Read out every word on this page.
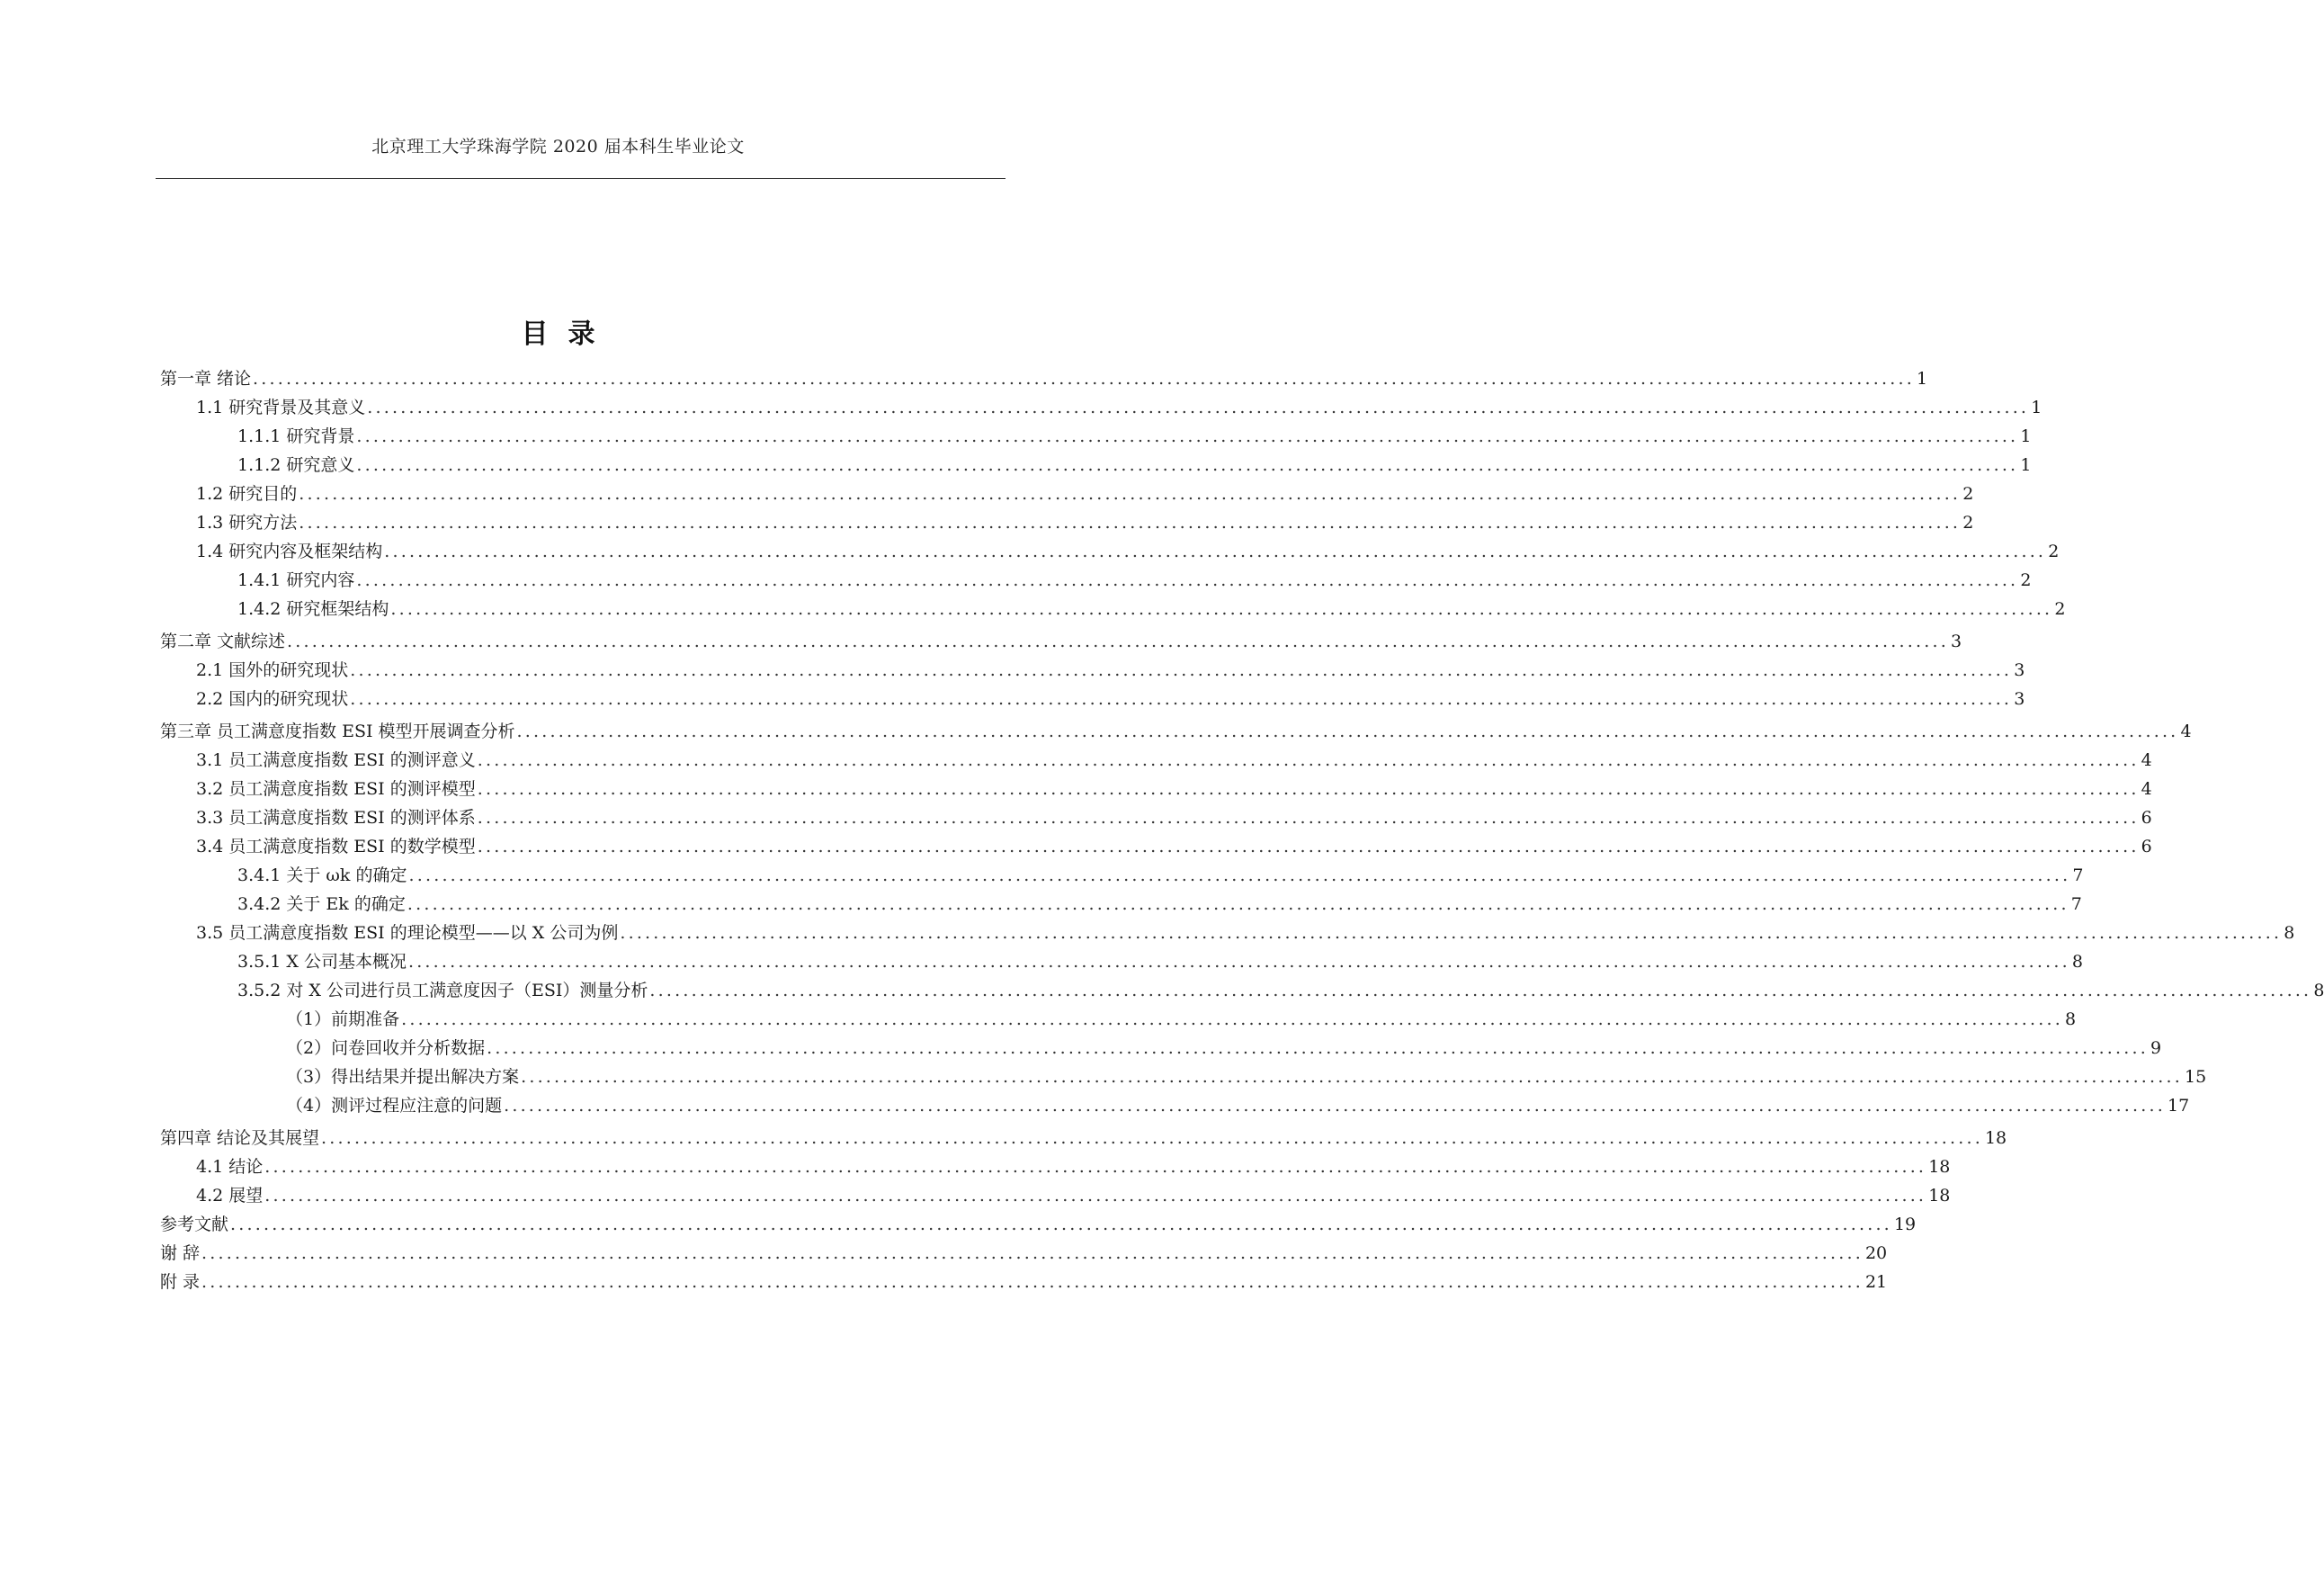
北京理工大学珠海学院 2020 届本科生毕业论文
目录
第一章 绪论 ........................................................................................................................................................................................................ 1
1.1 研究背景及其意义 ........................................................................................................................................................................................................ 1
1.1.1 研究背景 ........................................................................................................................................................................................................ 1
1.1.2 研究意义 ........................................................................................................................................................................................................ 1
1.2 研究目的 ........................................................................................................................................................................................................ 2
1.3 研究方法 ........................................................................................................................................................................................................ 2
1.4 研究内容及框架结构 ........................................................................................................................................................................................................ 2
1.4.1 研究内容 ........................................................................................................................................................................................................ 2
1.4.2 研究框架结构 ........................................................................................................................................................................................................ 2
第二章 文献综述 ........................................................................................................................................................................................................ 3
2.1 国外的研究现状 ........................................................................................................................................................................................................ 3
2.2 国内的研究现状 ........................................................................................................................................................................................................ 3
第三章 员工满意度指数 ESI 模型开展调查分析 ........................................................................................................................................................................................................ 4
3.1 员工满意度指数 ESI 的测评意义 ........................................................................................................................................................................................................ 4
3.2 员工满意度指数 ESI 的测评模型 ........................................................................................................................................................................................................ 4
3.3 员工满意度指数 ESI 的测评体系 ........................................................................................................................................................................................................ 6
3.4 员工满意度指数 ESI 的数学模型 ........................................................................................................................................................................................................ 6
3.4.1 关于 ωk 的确定 ........................................................................................................................................................................................................ 7
3.4.2 关于 Ek 的确定 ........................................................................................................................................................................................................ 7
3.5 员工满意度指数 ESI 的理论模型——以 X 公司为例 ........................................................................................................................................................................................................ 8
3.5.1 X 公司基本概况 ........................................................................................................................................................................................................ 8
3.5.2 对 X 公司进行员工满意度因子（ESI）测量分析 ........................................................................................................................................................................................................ 8
（1）前期准备 ........................................................................................................................................................................................................ 8
（2）问卷回收并分析数据 ........................................................................................................................................................................................................ 9
（3）得出结果并提出解决方案 ........................................................................................................................................................................................................ 15
（4）测评过程应注意的问题 ........................................................................................................................................................................................................ 17
第四章 结论及其展望 ........................................................................................................................................................................................................ 18
4.1 结论 ........................................................................................................................................................................................................ 18
4.2 展望 ........................................................................................................................................................................................................ 18
参考文献 ........................................................................................................................................................................................................ 19
谢 辞 ........................................................................................................................................................................................................ 20
附 录 ........................................................................................................................................................................................................ 21
